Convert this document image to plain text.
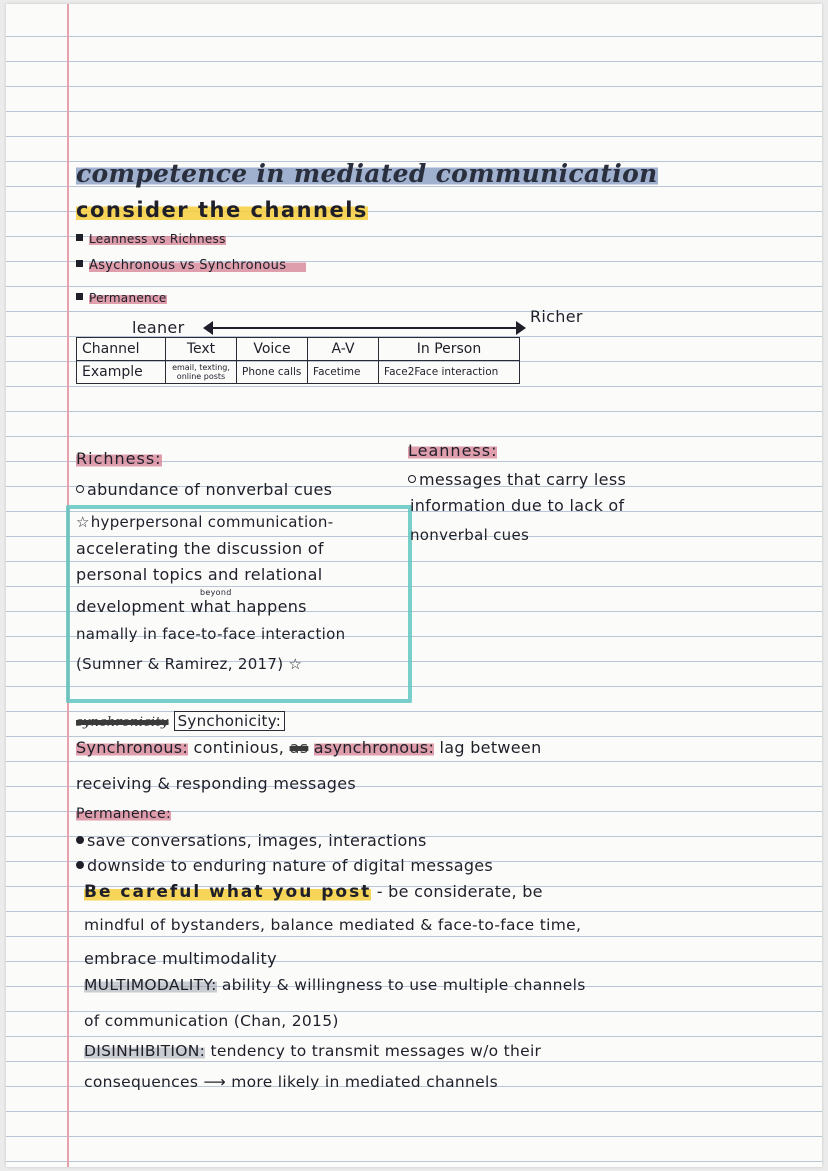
competence in mediated communication
consider the channels
Leanness vs Richness
Asychronous vs Synchronous
Permanence
leaner
Richer
Channel	Text	Voice	A-V	In Person
Example	email, texting, online posts	Phone calls	Facetime	Face2Face interaction
Richness:
abundance of nonverbal cues
☆hyperpersonal communication-
accelerating the discussion of
personal topics and relational
beyond
development what happens
namally in face-to-face interaction
(Sumner & Ramirez, 2017) ☆
Leanness:
messages that carry less
information due to lack of
nonverbal cues
synchronicity Synchonicity:
Synchronous: continious, as asynchronous: lag between
receiving & responding messages
Permanence:
save conversations, images, interactions
downside to enduring nature of digital messages
Be careful what you post - be considerate, be
mindful of bystanders, balance mediated & face-to-face time,
embrace multimodality
MULTIMODALITY: ability & willingness to use multiple channels
of communication (Chan, 2015)
DISINHIBITION: tendency to transmit messages w/o their
consequences ⟶ more likely in mediated channels
